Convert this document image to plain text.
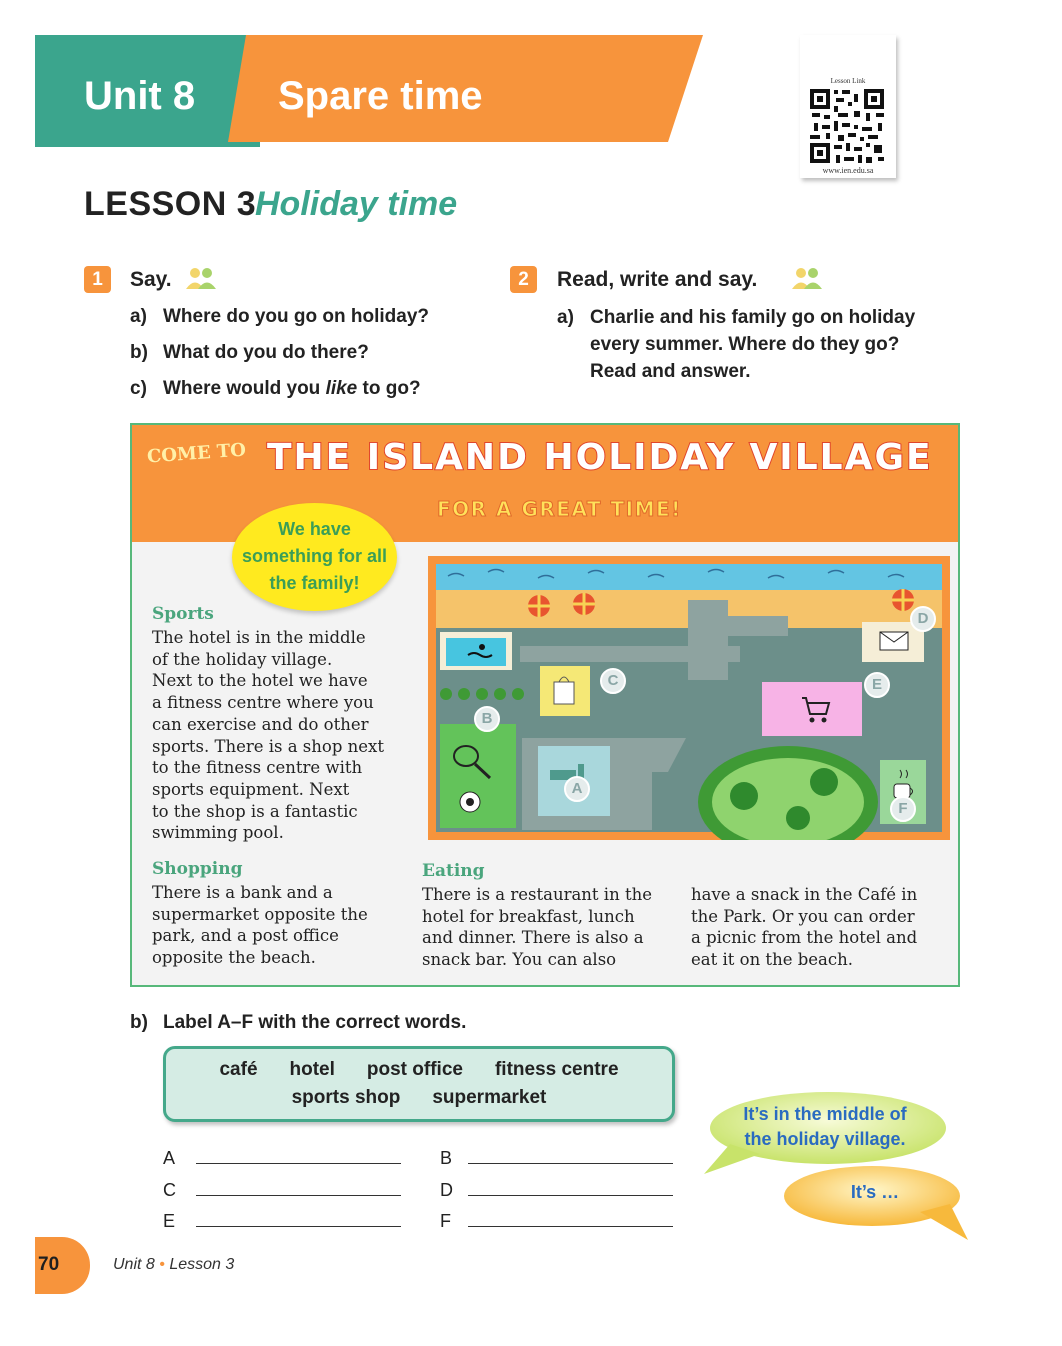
Unit 8 Spare time	Lesson Link
www.ien.edu.sa
LESSON 3
Holiday time
1	Say.
a) Where do you go on holiday?
b) What do you do there?
c) Where would you like to go?
2	Read, write and say.
a) Charlie and his family go on holiday
every summer. Where do they go?
Read and answer.
COME TO THE ISLAND HOLIDAY VILLAGE
FOR A GREAT TIME!
We have
something for all
the family!
Sports
The hotel is in the middle
of the holiday village.
Next to the hotel we have
a fitness centre where you
can exercise and do other
sports. There is a shop next
to the fitness centre with
sports equipment. Next
to the shop is a fantastic
swimming pool.
Shopping
There is a bank and a
supermarket opposite the
park, and a post office
opposite the beach.
Eating
There is a restaurant in the
hotel for breakfast, lunch
and dinner. There is also a
snack bar. You can also
have a snack in the Café in
the Park. Or you can order
a picnic from the hotel and
eat it on the beach.
A
B
C
D
E
F
b) Label A–F with the correct words.
café hotel post office fitness centre
sports shop supermarket
A	B
C	D
E	F
It’s in the middle of
the holiday village.
It’s …
70	Unit 8 • Lesson 3
